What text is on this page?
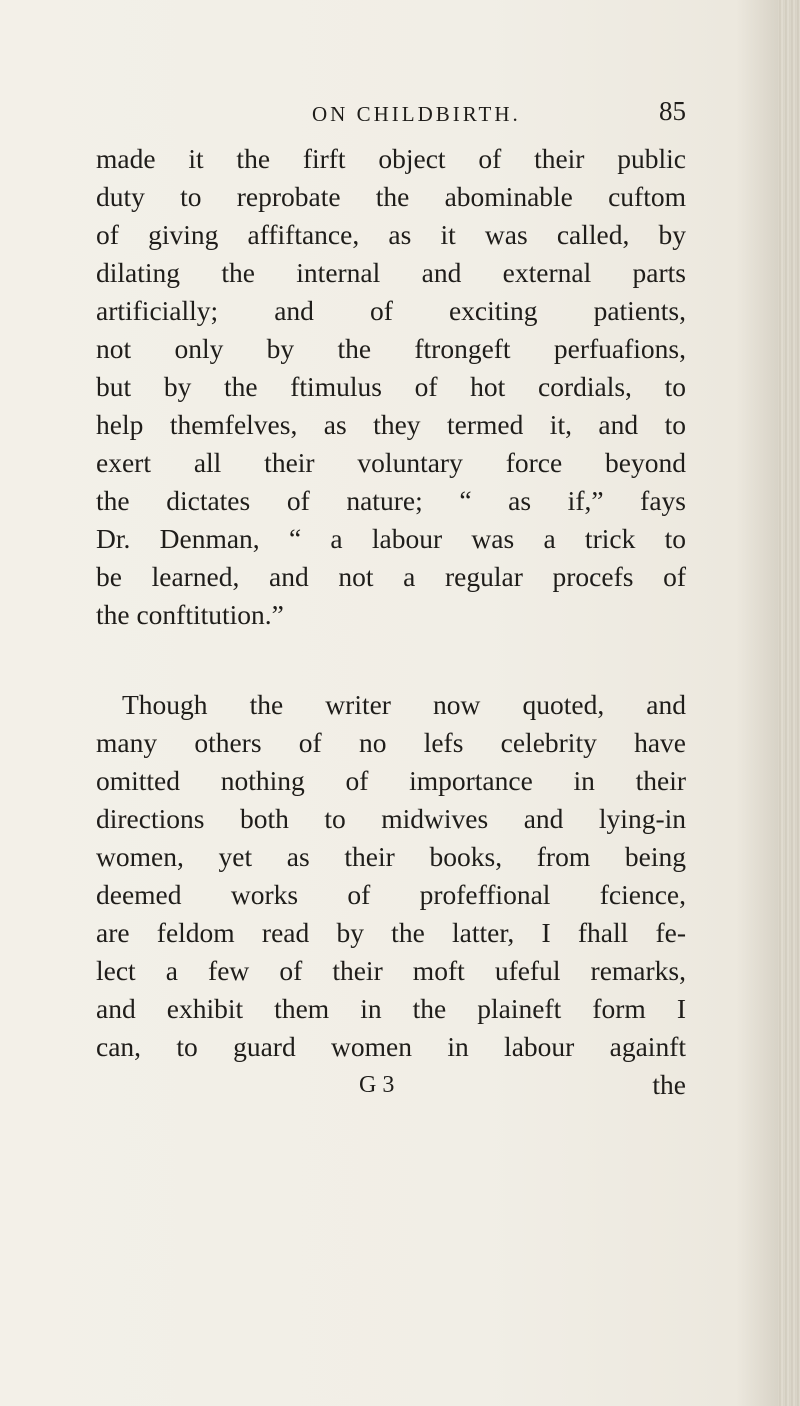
ON CHILDBIRTH.	85
made it the firft object of their public
duty to reprobate the abominable cuftom
of giving affiftance, as it was called, by
dilating the internal and external parts
artificially; and of exciting patients,
not only by the ftrongeft perfuafions,
but by the ftimulus of hot cordials, to
help themfelves, as they termed it, and to
exert all their voluntary force beyond
the dictates of nature; “ as if,” fays
Dr. Denman, “ a labour was a trick to
be learned, and not a regular procefs of
the conftitution.”
Though the writer now quoted, and
many others of no lefs celebrity have
omitted nothing of importance in their
directions both to midwives and lying-in
women, yet as their books, from being
deemed works of profeffional fcience,
are feldom read by the latter, I fhall fe-
lect a few of their moft ufeful remarks,
and exhibit them in the plaineft form I
can, to guard women in labour againft
G 3	the
